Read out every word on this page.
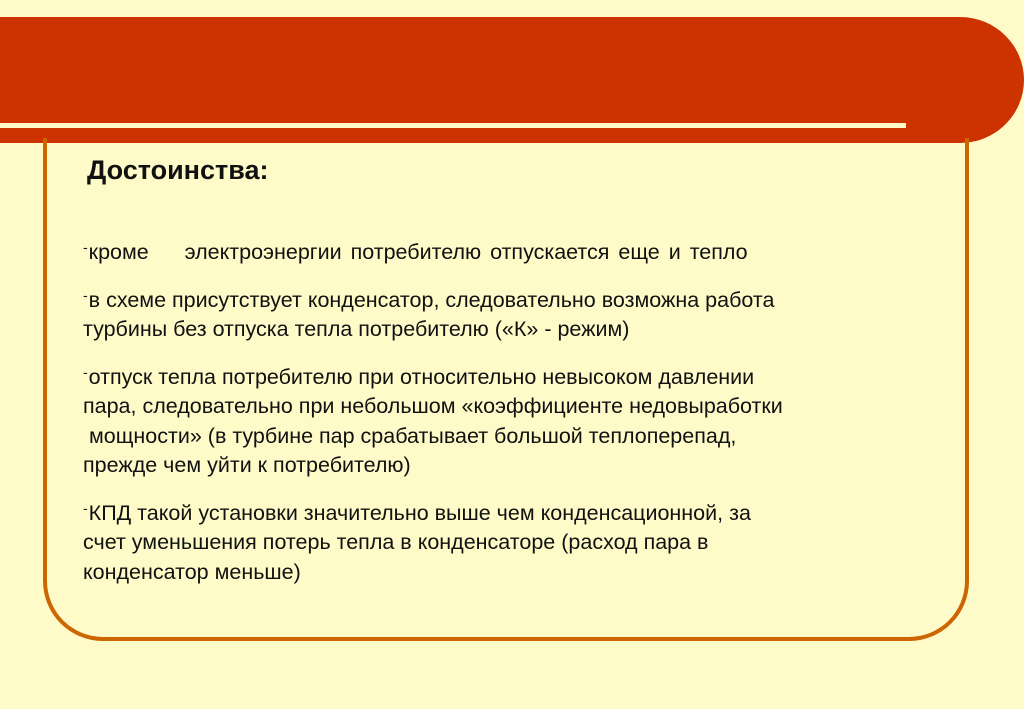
Достоинства:
-кроме    электроэнергии потребителю отпускается еще и тепло
-в схеме присутствует конденсатор, следовательно возможна работа
турбины без отпуска тепла потребителю («К» - режим)
-отпуск тепла потребителю при относительно невысоком давлении
пара, следовательно при небольшом «коэффициенте недовыработки
мощности» (в турбине пар срабатывает большой теплоперепад,
прежде чем уйти к потребителю)
-КПД такой установки значительно выше чем конденсационной, за
счет уменьшения потерь тепла в конденсаторе (расход пара в
конденсатор меньше)
